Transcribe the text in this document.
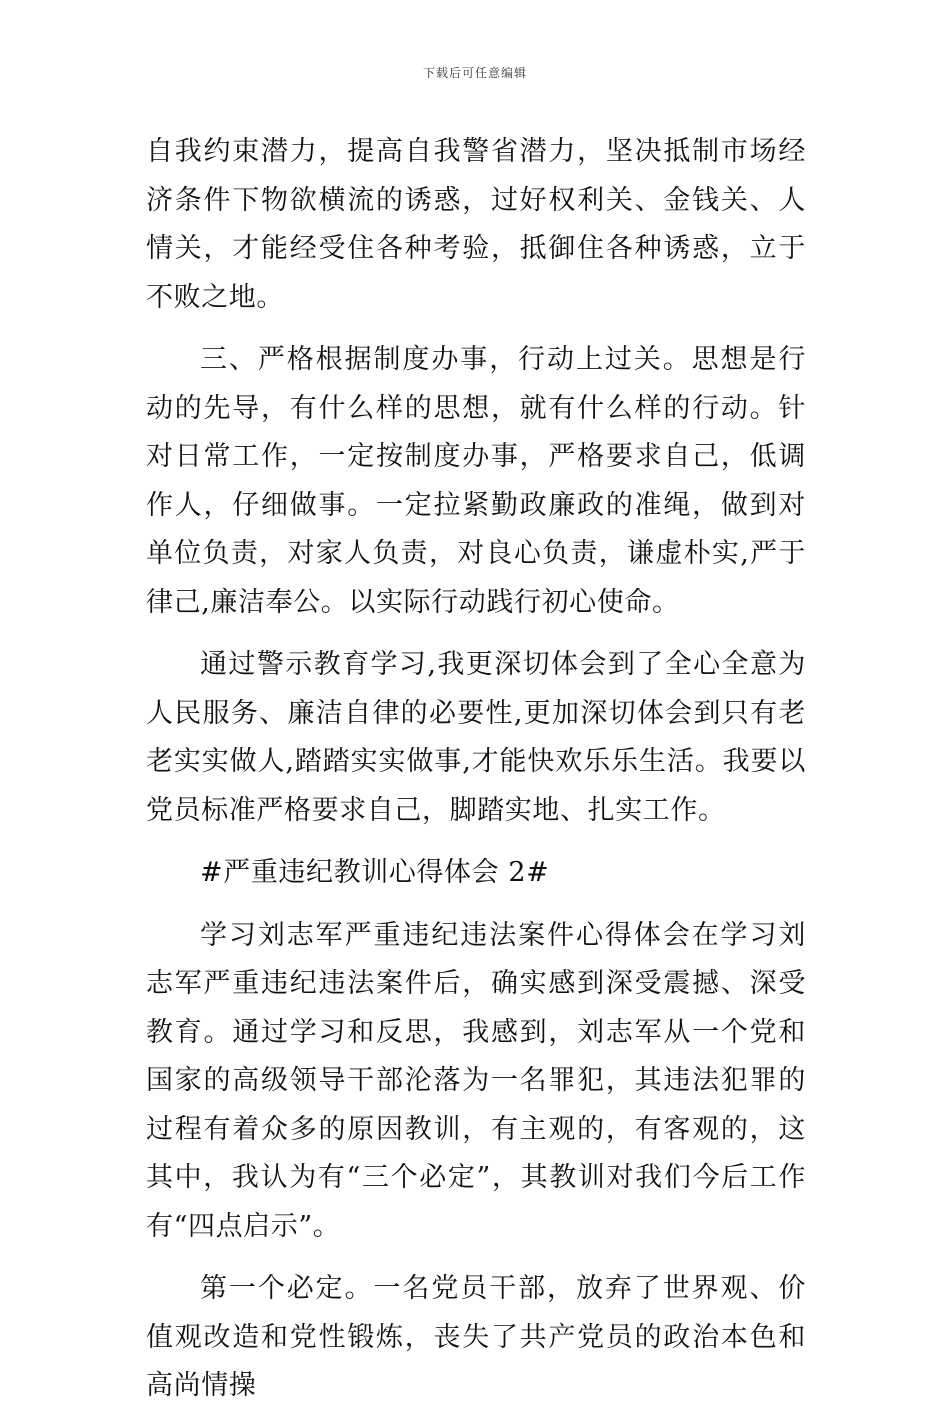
下载后可任意编辑

自我约束潜力，提高自我警省潜力，坚决抵制市场经济条件下物欲横流的诱惑，过好权利关、金钱关、人情关，才能经受住各种考验，抵御住各种诱惑，立于不败之地。

三、严格根据制度办事，行动上过关。思想是行动的先导，有什么样的思想，就有什么样的行动。针对日常工作，一定按制度办事，严格要求自己，低调作人，仔细做事。一定拉紧勤政廉政的准绳，做到对单位负责，对家人负责，对良心负责，谦虚朴实,严于律己,廉洁奉公。以实际行动践行初心使命。

通过警示教育学习,我更深切体会到了全心全意为人民服务、廉洁自律的必要性,更加深切体会到只有老老实实做人,踏踏实实做事,才能快欢乐乐生活。我要以党员标准严格要求自己，脚踏实地、扎实工作。

#严重违纪教训心得体会 2#

学习刘志军严重违纪违法案件心得体会在学习刘志军严重违纪违法案件后，确实感到深受震撼、深受教育。通过学习和反思，我感到，刘志军从一个党和国家的高级领导干部沦落为一名罪犯，其违法犯罪的过程有着众多的原因教训，有主观的，有客观的，这其中，我认为有“三个必定”，其教训对我们今后工作有“四点启示”。

第一个必定。一名党员干部，放弃了世界观、价值观改造和党性锻炼，丧失了共产党员的政治本色和高尚情操
